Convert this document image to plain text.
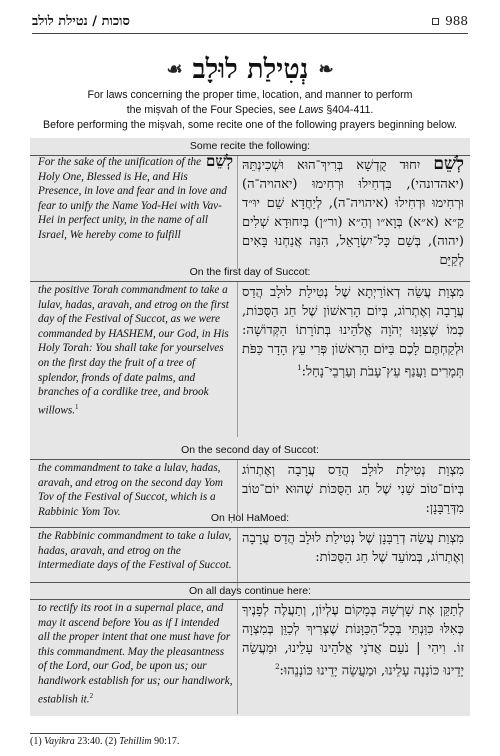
סוכות / נטילת לולב	988
❧
נְטִילַת לוּלָב
☙
For laws concerning the proper time, location, and manner to perform
the mișvah of the Four Species, see Laws §404-411.
Before performing the mișvah, some recite one of the following prayers beginning below.
Some recite the following:
לְשֵׁם
For the sake of the unification of the Holy One, Blessed is He, and His Presence, in love and fear and in love and fear to unify the Name Yod-Hei with Vav-Hei in perfect unity, in the name of all Israel, We hereby come to fulfill
לְשֵׁם יִחוּד קֻדְשָׁא בְּרִיךְ־הוּא וּשְׁכִינְתֵּהּ (יאהדונהי), בִּדְחִילוּ וּרְחִימוּ (יאהויה־ה) וּרְחִימוּ וּדְחִילוּ (איהויה־ה), לְיַחֲדָא שֵׁם יוּ״ד קֵ״א (א״א) בְּוָא״ו וְהֵ״א (ור״ן) בְּיִחוּדָא שְׁלִים (יהוה), בְּשֵׁם כָּל־יִשְׂרָאֵל, הִנֵּה אֲנַחְנוּ בָּאִים לְקַיֵּם
On the first day of Succot:
the positive Torah commandment to take a lulav, hadas, aravah, and etrog on the first day of the Festival of Succot, as we were commanded by HASHEM, our God, in His Holy Torah: You shall take for yourselves on the first day the fruit of a tree of splendor, fronds of date palms, and branches of a cordlike tree, and brook willows.$^1$
מִצְוַת עֲשֵׂה דְאוֹרַיְתָא שֶׁל נְטִילַת לוּלָב הֲדַס עֲרָבָה וְאֶתְרוֹג, בְּיוֹם הָרִאשׁוֹן שֶׁל חַג הַסֻּכּוֹת, כְּמוֹ שֶׁצִּוָּנוּ יְהֹוָה אֱלֹהֵינוּ בְּתוֹרָתוֹ הַקְּדוֹשָׁה: וּלְקַחְתֶּם לָכֶם בַּיּוֹם הָרִאשׁוֹן פְּרִי עֵץ הָדָר כַּפֹּת תְּמָרִים וַעֲנַף עֵץ־עָבֹת וְעַרְבֵי־נָחַל:$^1$
On the second day of Succot:
the commandment to take a lulav, hadas, aravah, and etrog on the second day Yom Tov of the Festival of Succot, which is a Rabbinic Yom Tov.
מִצְוַת נְטִילַת לוּלָב הֲדַס עֲרָבָה וְאֶתְרוֹג בְּיוֹם־טוֹב שֵׁנִי שֶׁל חַג הַסֻּכּוֹת שֶׁהוּא יוֹם־טוֹב מִדְּרַבָּנָן:
On Ḥol HaMoed:
the Rabbinic commandment to take a lulav, hadas, aravah, and etrog on the intermediate days of the Festival of Succot.
מִצְוַת עֲשֵׂה דְרַבָּנָן שֶׁל נְטִילַת לוּלָב הֲדַס עֲרָבָה וְאֶתְרוֹג, בְּמוֹעֵד שֶׁל חַג הַסֻּכּוֹת:
On all days continue here:
to rectify its root in a supernal place, and may it ascend before You as if I intended all the proper intent that one must have for this commandment. May the pleasantness of the Lord, our God, be upon us; our handiwork establish for us; our handiwork, establish it.$^2$
לְתַקֵּן אֶת שָׁרְשָׁהּ בְּמָקוֹם עֶלְיוֹן, וְתַעֲלֶה לְפָנֶיךָ כְּאִלּוּ כִּוַּנְתִּי בְּכָל־הַכַּוָּנוֹת שֶׁצְּרִיךְ לְכַוֵּן בְּמִצְוָה זוֹ. וִיהִי | נֹעַם אֲדֹנָי אֱלֹהֵינוּ עָלֵינוּ, וּמַעֲשֵׂה יָדֵינוּ כּוֹנְנָה עָלֵינוּ, וּמַעֲשֵׂה יָדֵינוּ כּוֹנְנֵהוּ:$^2$
(1) Vayikra 23:40. (2) Tehillim 90:17.
